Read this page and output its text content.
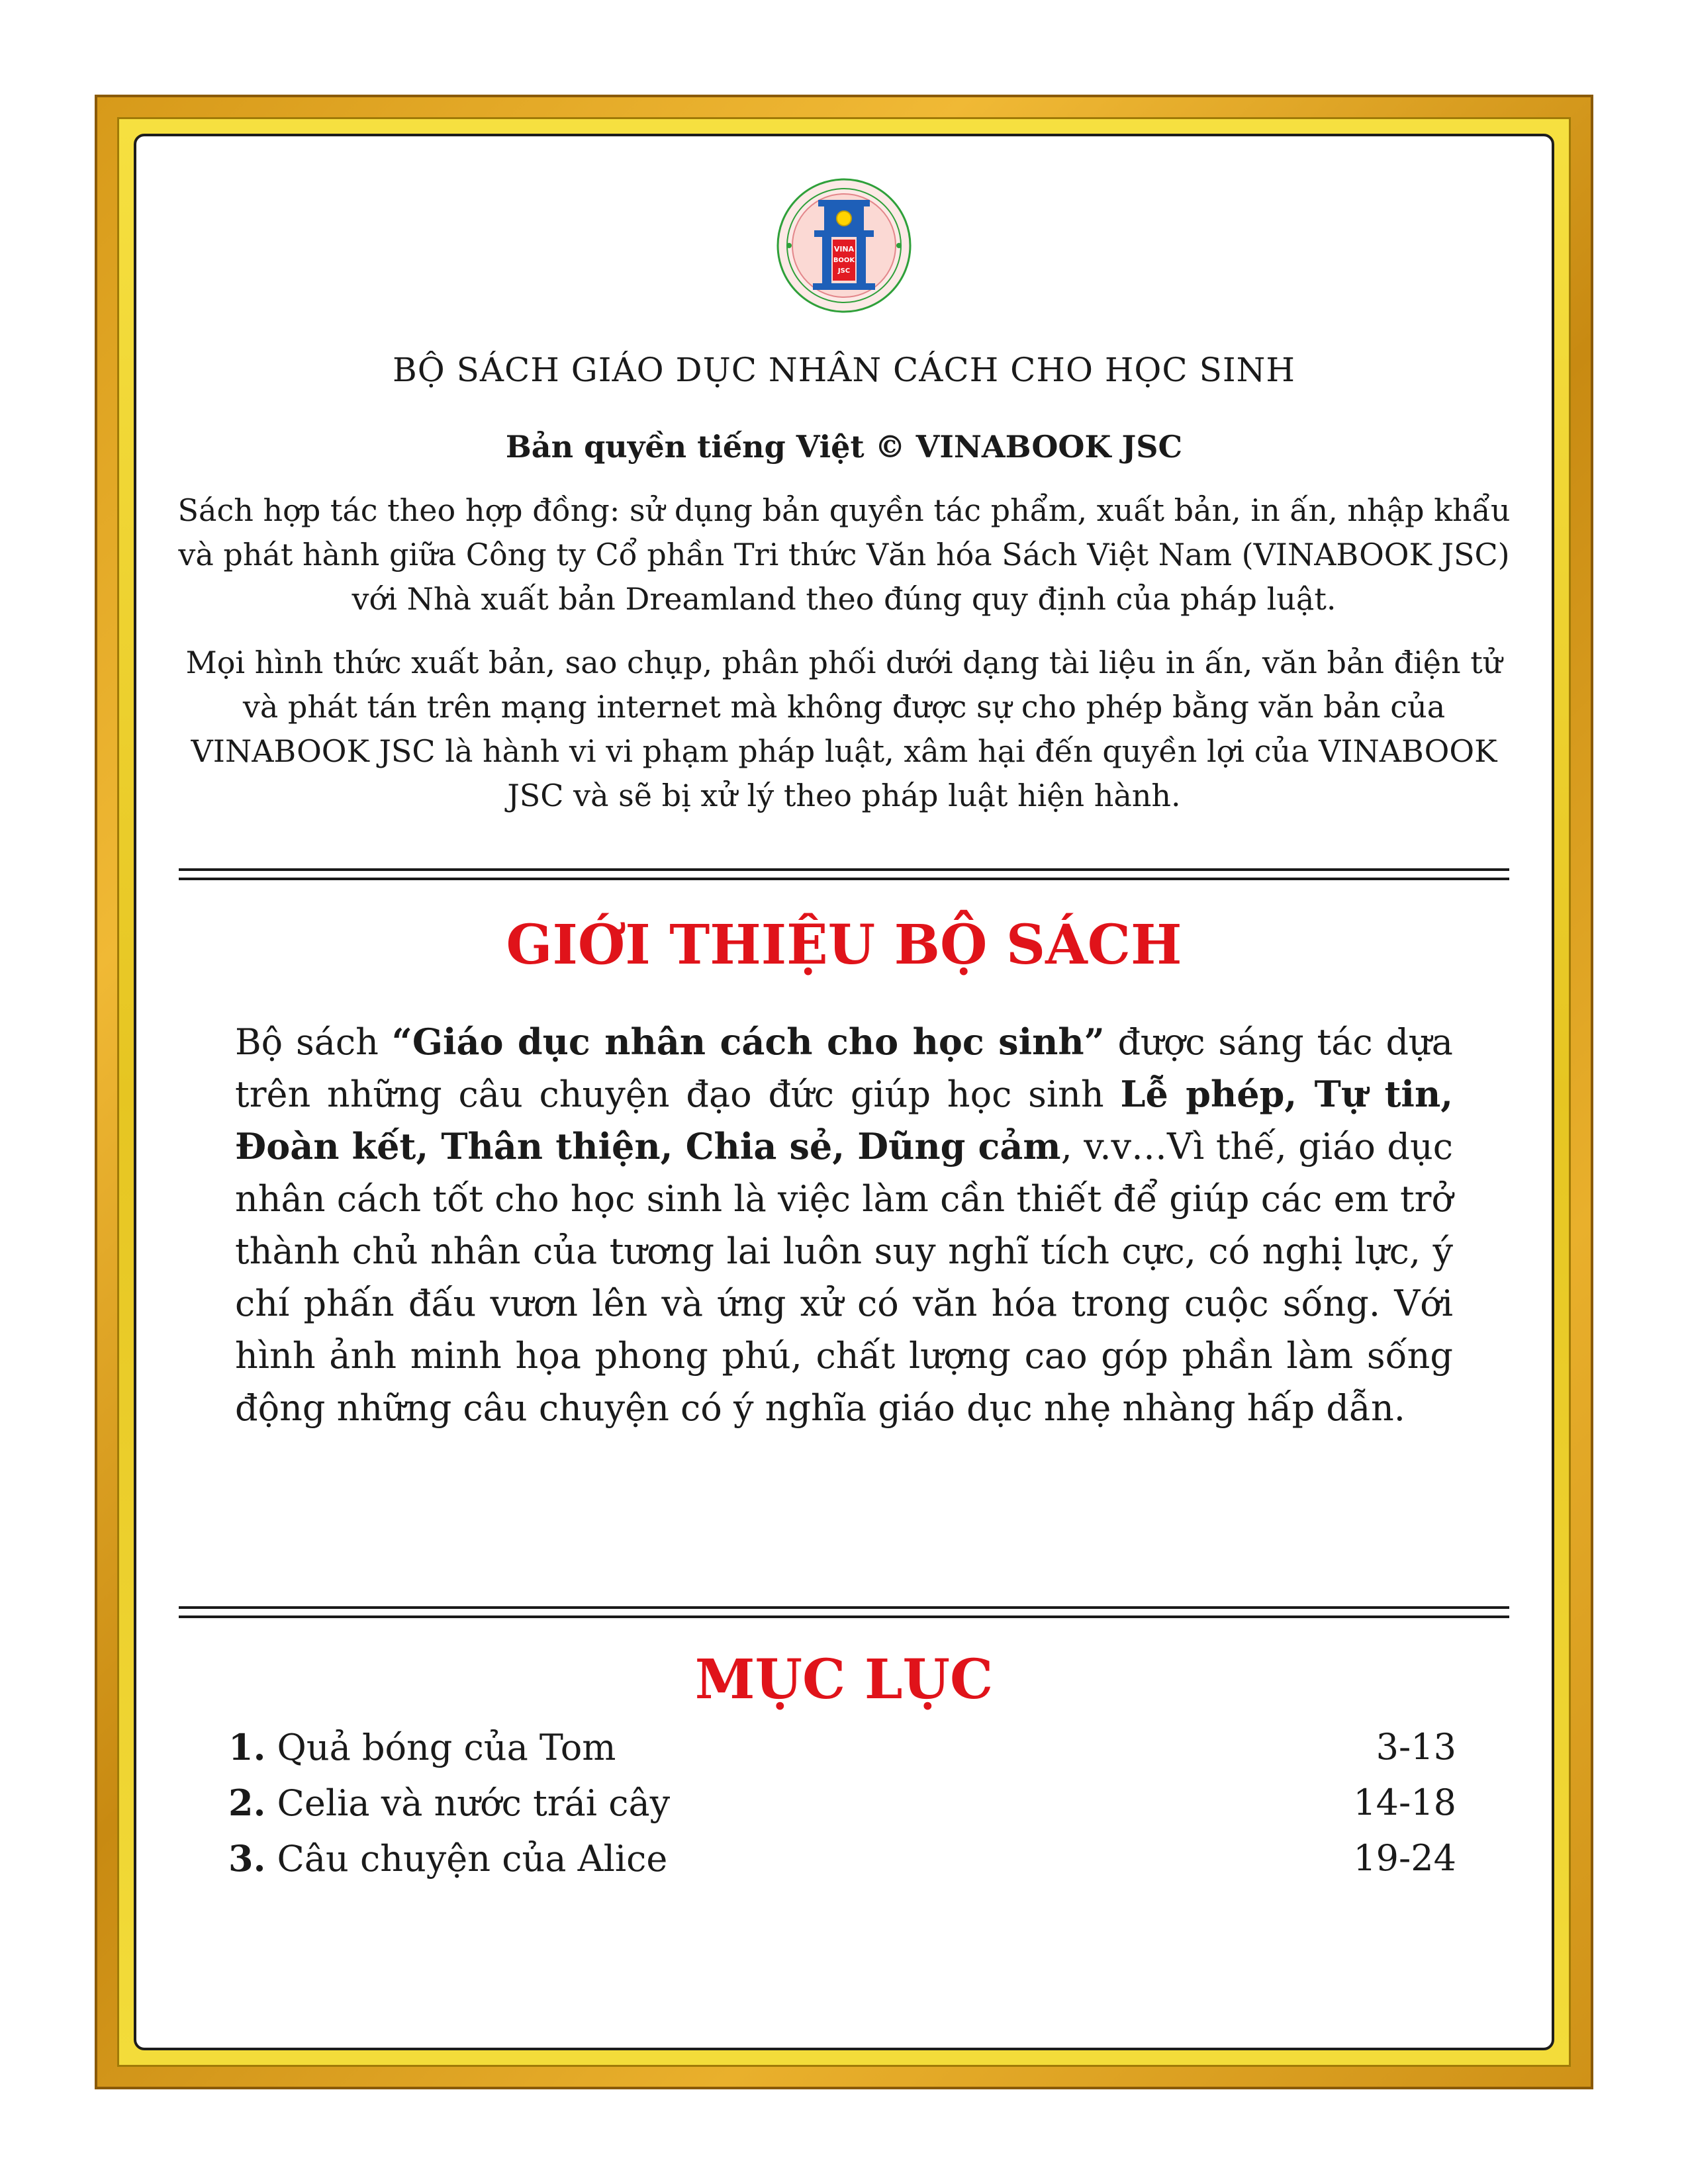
VINA
BOOK
JSC
BỘ SÁCH GIÁO DỤC NHÂN CÁCH CHO HỌC SINH
Bản quyền tiếng Việt © VINABOOK JSC
Sách hợp tác theo hợp đồng: sử dụng bản quyền tác phẩm, xuất bản, in ấn, nhập khẩu và phát hành giữa Công ty Cổ phần Tri thức Văn hóa Sách Việt Nam (VINABOOK JSC) với Nhà xuất bản Dreamland theo đúng quy định của pháp luật.
Mọi hình thức xuất bản, sao chụp, phân phối dưới dạng tài liệu in ấn, văn bản điện tử và phát tán trên mạng internet mà không được sự cho phép bằng văn bản của VINABOOK JSC là hành vi vi phạm pháp luật, xâm hại đến quyền lợi của VINABOOK JSC và sẽ bị xử lý theo pháp luật hiện hành.
GIỚI THIỆU BỘ SÁCH
Bộ sách “Giáo dục nhân cách cho học sinh” được sáng tác dựa trên những câu chuyện đạo đức giúp học sinh Lễ phép, Tự tin, Đoàn kết, Thân thiện, Chia sẻ, Dũng cảm, v.v…Vì thế, giáo dục nhân cách tốt cho học sinh là việc làm cần thiết để giúp các em trở thành chủ nhân của tương lai luôn suy nghĩ tích cực, có nghị lực, ý chí phấn đấu vươn lên và ứng xử có văn hóa trong cuộc sống. Với hình ảnh minh họa phong phú, chất lượng cao góp phần làm sống động những câu chuyện có ý nghĩa giáo dục nhẹ nhàng hấp dẫn.
MỤC LỤC
1. Quả bóng của Tom	3-13
2. Celia và nước trái cây	14-18
3. Câu chuyện của Alice	19-24
